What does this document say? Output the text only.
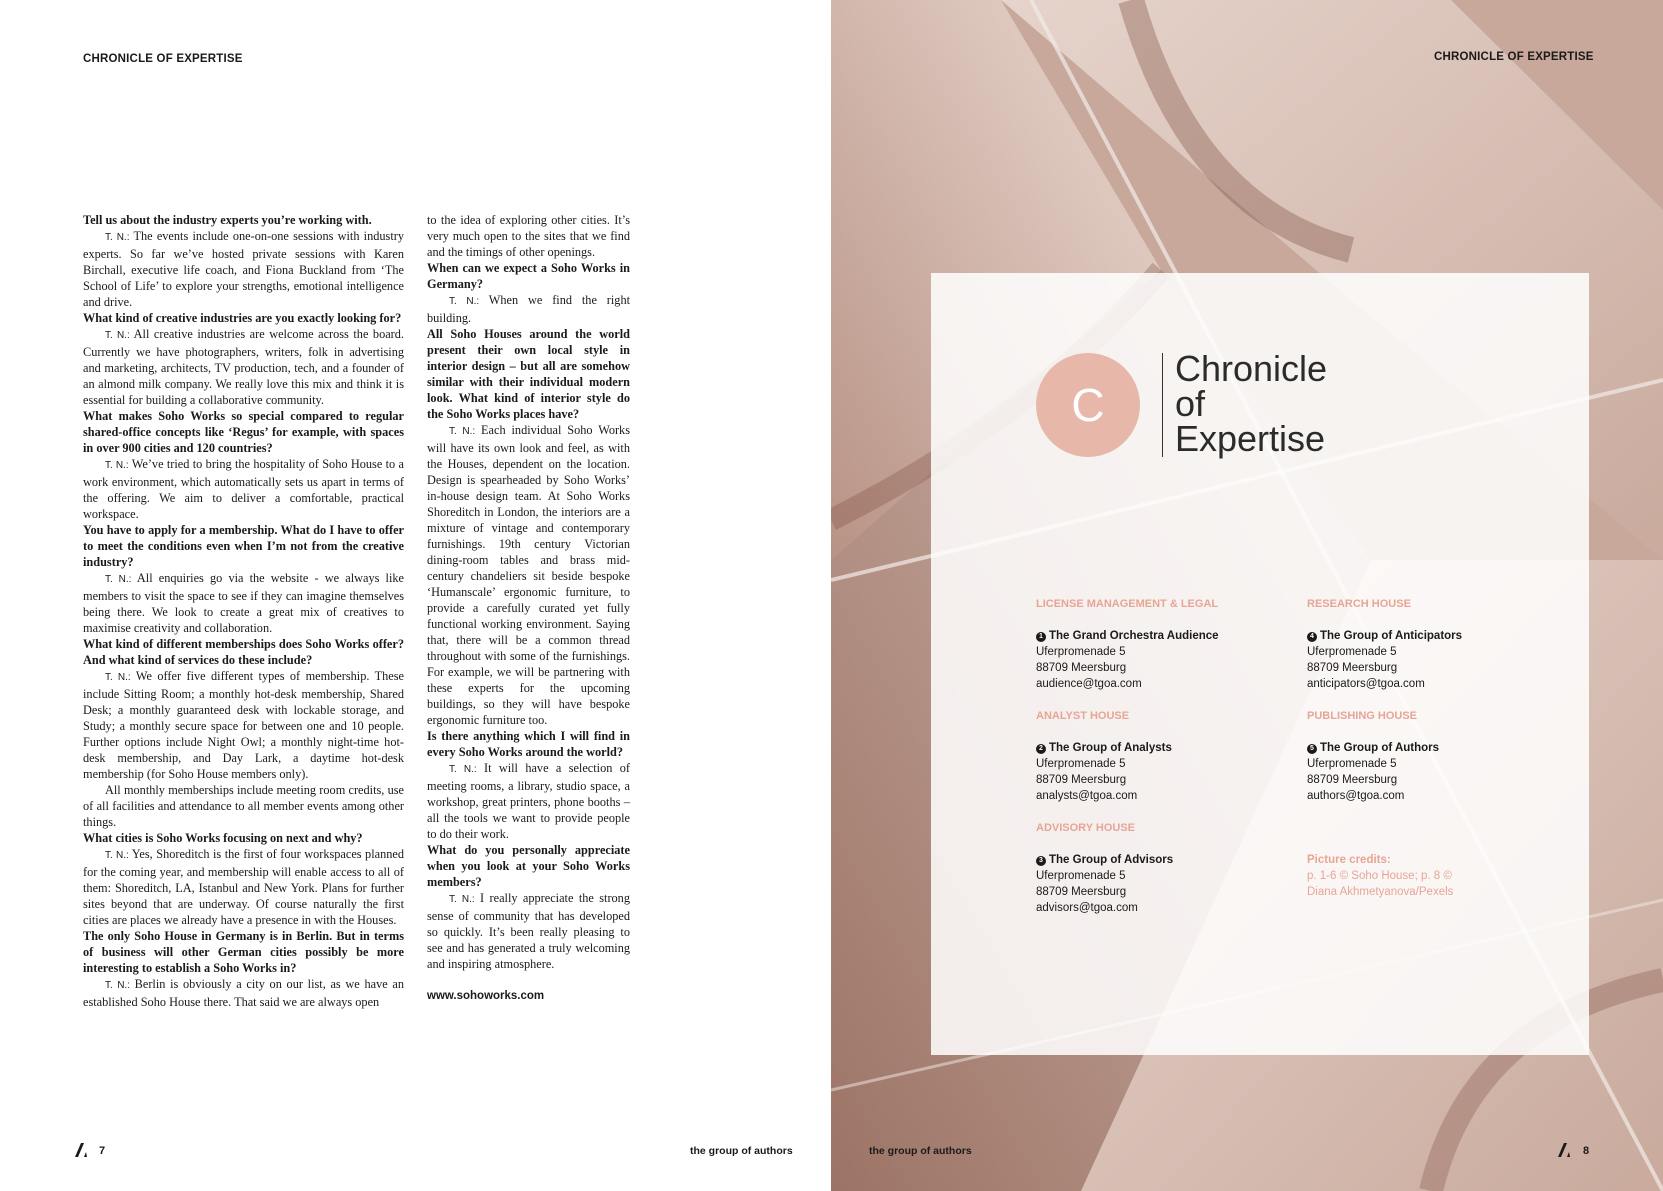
CHRONICLE OF EXPERTISE

Tell us about the industry experts you’re working with.

T. N.: The events include one-on-one sessions with industry experts. So far we’ve hosted private sessions with Karen Birchall, executive life coach, and Fiona Buckland from ‘The School of Life’ to explore your strengths, emotional intelligence and drive.

What kind of creative industries are you exactly looking for?

T. N.: All creative industries are welcome across the board. Currently we have photographers, writers, folk in advertising and marketing, architects, TV production, tech, and a founder of an almond milk company. We really love this mix and think it is essential for building a collaborative community.

What makes Soho Works so special compared to regular shared-office concepts like ‘Regus’ for example, with spaces in over 900 cities and 120 countries?

T. N.: We’ve tried to bring the hospitality of Soho House to a work environment, which automatically sets us apart in terms of the offering. We aim to deliver a comfortable, practical workspace.

You have to apply for a membership. What do I have to offer to meet the conditions even when I’m not from the creative industry?

T. N.: All enquiries go via the website - we always like members to visit the space to see if they can imagine themselves being there. We look to create a great mix of creatives to maximise creativity and collaboration.

What kind of different memberships does Soho Works offer? And what kind of services do these include?

T. N.: We offer five different types of membership. These include Sitting Room; a monthly hot-desk membership, Shared Desk; a monthly guaranteed desk with lockable storage, and Study; a monthly secure space for between one and 10 people. Further options include Night Owl; a monthly night-time hot-desk membership, and Day Lark, a daytime hot-desk membership (for Soho House members only).

All monthly memberships include meeting room credits, use of all facilities and attendance to all member events among other things.

What cities is Soho Works focusing on next and why?

T. N.: Yes, Shoreditch is the first of four workspaces planned for the coming year, and membership will enable access to all of them: Shoreditch, LA, Istanbul and New York. Plans for further sites beyond that are underway. Of course naturally the first cities are places we already have a presence in with the Houses.

The only Soho House in Germany is in Berlin. But in terms of business will other German cities possibly be more interesting to establish a Soho Works in?

T. N.: Berlin is obviously a city on our list, as we have an established Soho House there. That said we are always open

to the idea of exploring other cities. It’s very much open to the sites that we find and the timings of other openings.

When can we expect a Soho Works in Germany?

T. N.: When we find the right building.

All Soho Houses around the world present their own local style in interior design – but all are somehow similar with their individual modern look. What kind of interior style do the Soho Works places have?

T. N.: Each individual Soho Works will have its own look and feel, as with the Houses, dependent on the location. Design is spearheaded by Soho Works’ in-house design team. At Soho Works Shoreditch in London, the interiors are a mixture of vintage and contemporary furnishings. 19th century Victorian dining-room tables and brass mid-century chandeliers sit beside bespoke ‘Humanscale’ ergonomic furniture, to provide a carefully curated yet fully functional working environment. Saying that, there will be a common thread throughout with some of the furnishings. For example, we will be partnering with these experts for the upcoming buildings, so they will have bespoke ergonomic furniture too.

Is there anything which I will find in every Soho Works around the world?

T. N.: It will have a selection of meeting rooms, a library, studio space, a workshop, great printers, phone booths – all the tools we want to provide people to do their work.

What do you personally appreciate when you look at your Soho Works members?

T. N.: I really appreciate the strong sense of community that has developed so quickly. It’s been really pleasing to see and has generated a truly welcoming and inspiring atmosphere.

www.sohoworks.com

7	the group of authors
CHRONICLE OF EXPERTISE
8
the group of authors
C
Chronicle
of
Expertise
LICENSE MANAGEMENT & LEGAL
1 The Grand Orchestra Audience
Uferpromenade 5
88709 Meersburg
audience@tgoa.com
ANALYST HOUSE
2 The Group of Analysts
Uferpromenade 5
88709 Meersburg
analysts@tgoa.com
ADVISORY HOUSE
3 The Group of Advisors
Uferpromenade 5
88709 Meersburg
advisors@tgoa.com
RESEARCH HOUSE
4 The Group of Anticipators
Uferpromenade 5
88709 Meersburg
anticipators@tgoa.com
PUBLISHING HOUSE
5 The Group of Authors
Uferpromenade 5
88709 Meersburg
authors@tgoa.com
Picture credits:
p. 1-6 © Soho House; p. 8 ©
Diana Akhmetyanova/Pexels
